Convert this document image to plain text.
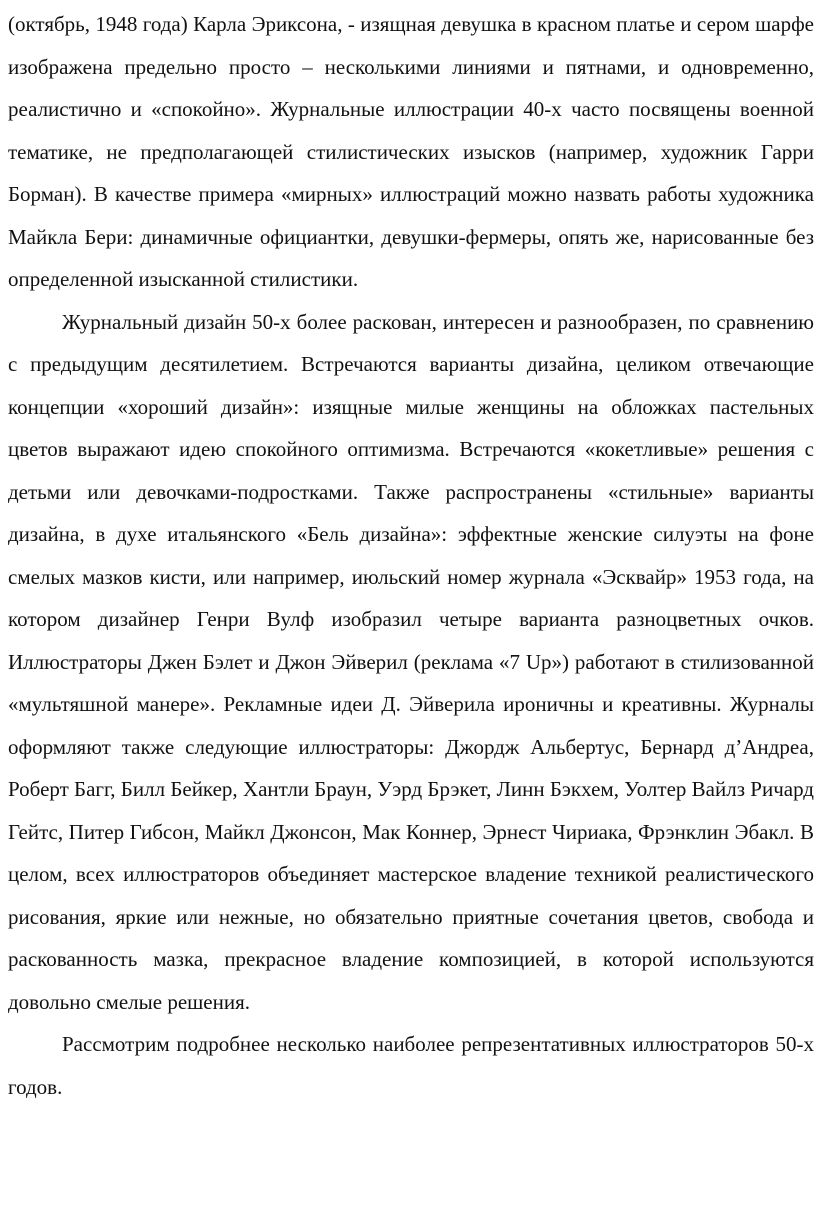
(октябрь, 1948 года) Карла Эриксона, - изящная девушка в красном платье и сером шарфе изображена предельно просто – несколькими линиями и пятнами, и одновременно, реалистично и «спокойно». Журнальные иллюстрации 40-х часто посвящены военной тематике, не предполагающей стилистических изысков (например, художник Гарри Борман). В качестве примера «мирных» иллюстраций можно назвать работы художника Майкла Бери: динамичные официантки, девушки-фермеры, опять же, нарисованные без определенной изысканной стилистики.

Журнальный дизайн 50-х более раскован, интересен и разнообразен, по сравнению с предыдущим десятилетием. Встречаются варианты дизайна, целиком отвечающие концепции «хороший дизайн»: изящные милые женщины на обложках пастельных цветов выражают идею спокойного оптимизма. Встречаются «кокетливые» решения с детьми или девочками-подростками. Также распространены «стильные» варианты дизайна, в духе итальянского «Бель дизайна»: эффектные женские силуэты на фоне смелых мазков кисти, или например, июльский номер журнала «Эсквайр» 1953 года, на котором дизайнер Генри Вулф изобразил четыре варианта разноцветных очков. Иллюстраторы Джен Бэлет и Джон Эйверил (реклама «7 Up») работают в стилизованной «мультяшной манере». Рекламные идеи Д. Эйверила ироничны и креативны. Журналы оформляют также следующие иллюстраторы: Джордж Альбертус, Бернард д’Андреа, Роберт Багг, Билл Бейкер, Хантли Браун, Уэрд Брэкет, Линн Бэкхем, Уолтер Вайлз Ричард Гейтс, Питер Гибсон, Майкл Джонсон, Мак Коннер, Эрнест Чириака, Фрэнклин Эбакл. В целом, всех иллюстраторов объединяет мастерское владение техникой реалистического рисования, яркие или нежные, но обязательно приятные сочетания цветов, свобода и раскованность мазка, прекрасное владение композицией, в которой используются довольно смелые решения.

Рассмотрим подробнее несколько наиболее репрезентативных иллюстраторов 50-х годов.
